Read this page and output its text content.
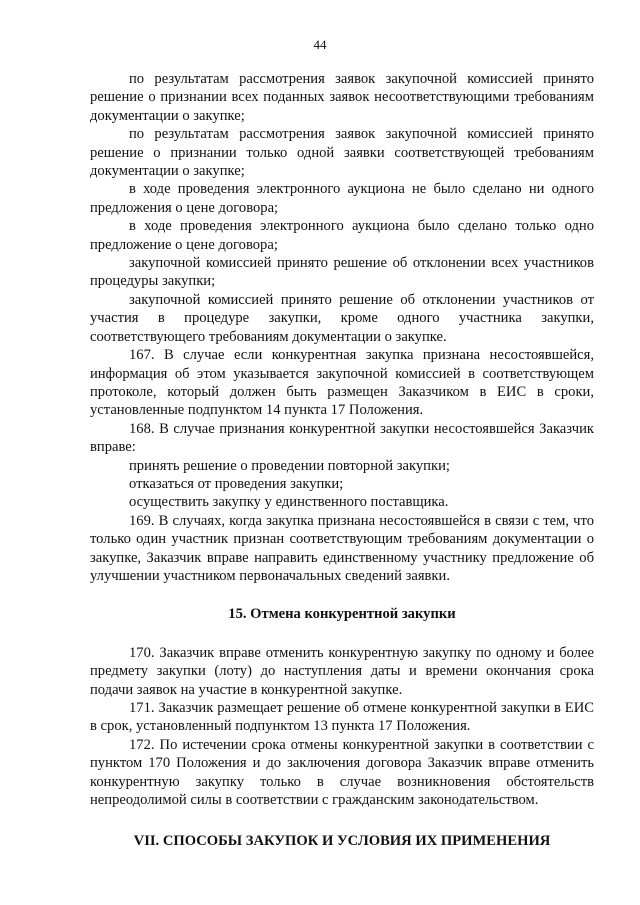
44

по результатам рассмотрения заявок закупочной комиссией принято решение о признании всех поданных заявок несоответствующими требованиям документации о закупке;

по результатам рассмотрения заявок закупочной комиссией принято решение о признании только одной заявки соответствующей требованиям документации о закупке;

в ходе проведения электронного аукциона не было сделано ни одного предложения о цене договора;

в ходе проведения электронного аукциона было сделано только одно предложение о цене договора;

закупочной комиссией принято решение об отклонении всех участников процедуры закупки;

закупочной комиссией принято решение об отклонении участников от участия в процедуре закупки, кроме одного участника закупки, соответствующего требованиям документации о закупке.

167. В случае если конкурентная закупка признана несостоявшейся, информация об этом указывается закупочной комиссией в соответствующем протоколе, который должен быть размещен Заказчиком в ЕИС в сроки, установленные подпунктом 14 пункта 17 Положения.

168. В случае признания конкурентной закупки несостоявшейся Заказчик вправе:

принять решение о проведении повторной закупки;

отказаться от проведения закупки;

осуществить закупку у единственного поставщика.

169. В случаях, когда закупка признана несостоявшейся в связи с тем, что только один участник признан соответствующим требованиям документации о закупке, Заказчик вправе направить единственному участнику предложение об улучшении участником первоначальных сведений заявки.

15. Отмена конкурентной закупки

170. Заказчик вправе отменить конкурентную закупку по одному и более предмету закупки (лоту) до наступления даты и времени окончания срока подачи заявок на участие в конкурентной закупке.

171. Заказчик размещает решение об отмене конкурентной закупки в ЕИС в срок, установленный подпунктом 13 пункта 17 Положения.

172. По истечении срока отмены конкурентной закупки в соответствии с пунктом 170 Положения и до заключения договора Заказчик вправе отменить конкурентную закупку только в случае возникновения обстоятельств непреодолимой силы в соответствии с гражданским законодательством.

VII. СПОСОБЫ ЗАКУПОК И УСЛОВИЯ ИХ ПРИМЕНЕНИЯ
